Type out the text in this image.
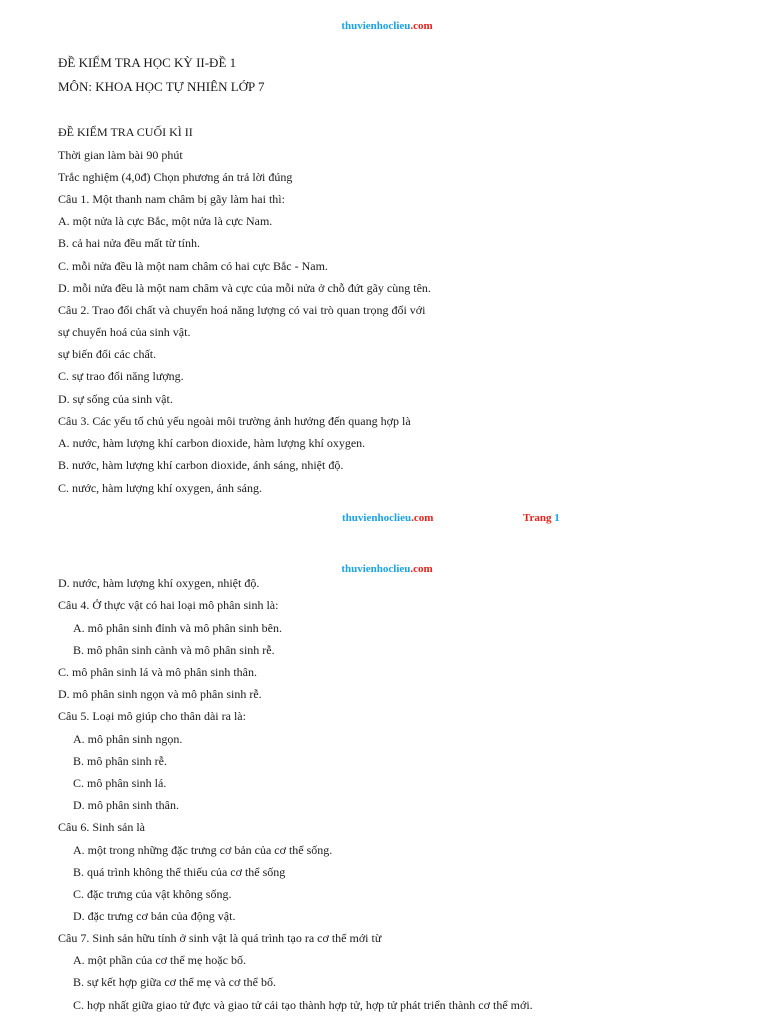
thuvienhoclieu.com
ĐỀ KIỂM TRA HỌC KỲ II-ĐỀ 1
MÔN: KHOA HỌC TỰ NHIÊN LỚP 7
ĐỀ KIỂM TRA CUỐI KÌ II
Thời gian làm bài 90 phút
Trắc nghiệm (4,0đ) Chọn phương án trả lời đúng
Câu 1. Một thanh nam châm bị gãy làm hai thì:
A. một nửa là cực Bắc, một nửa là cực Nam.
B. cả hai nửa đều mất từ tính.
C. mỗi nửa đều là một nam châm có hai cực Bắc - Nam.
D. mỗi nửa đều là một nam châm và cực của mỗi nửa ở chỗ đứt gãy cùng tên.
Câu 2. Trao đổi chất và chuyển hoá năng lượng có vai trò quan trọng đối với
sự chuyển hoá của sinh vật.
sự biến đổi các chất.
C. sự trao đổi năng lượng.
D. sự sống của sinh vật.
Câu 3. Các yếu tố chủ yếu ngoài môi trường ảnh hưởng đến quang hợp là
A. nước, hàm lượng khí carbon dioxide, hàm lượng khí oxygen.
B. nước, hàm lượng khí carbon dioxide, ánh sáng, nhiệt độ.
C. nước, hàm lượng khí oxygen, ánh sáng.
thuvienhoclieu.com	Trang 1
thuvienhoclieu.com
D. nước, hàm lượng khí oxygen, nhiệt độ.
Câu 4. Ở thực vật có hai loại mô phân sinh là:
A. mô phân sinh đỉnh và mô phân sinh bên.
B. mô phân sinh cành và mô phân sinh rễ.
C. mô phân sinh lá và mô phân sinh thân.
D. mô phân sinh ngọn và mô phân sinh rễ.
Câu 5. Loại mô giúp cho thân dài ra là:
A. mô phân sinh ngọn.
B. mô phân sinh rễ.
C. mô phân sinh lá.
D. mô phân sinh thân.
Câu 6. Sinh sản là
A. một trong những đặc trưng cơ bản của cơ thể sống.
B. quá trình không thể thiếu của cơ thể sống
C. đặc trưng của vật không sống.
D. đặc trưng cơ bản của động vật.
Câu 7. Sinh sản hữu tính ở sinh vật là quá trình tạo ra cơ thể mới từ
A. một phần của cơ thể mẹ hoặc bố.
B. sự kết hợp giữa cơ thể mẹ và cơ thể bố.
C. hợp nhất giữa giao tử đực và giao tử cái tạo thành hợp tử, hợp tử phát triển thành cơ thể mới.
